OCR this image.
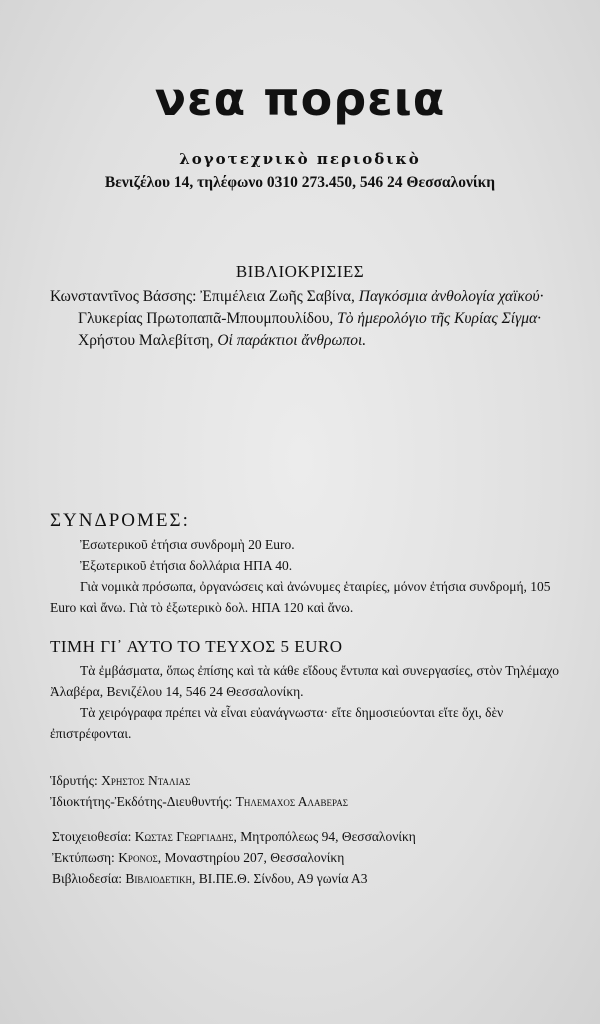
νεα πορεια
λογοτεχνικὸ περιοδικὸ
Βενιζέλου 14, τηλέφωνο 0310 273.450, 546 24 Θεσσαλονίκη
ΒΙΒΛΙΟΚΡΙΣΙΕΣ
Κωνσταντῖνος Βάσσης: Ἐπιμέλεια Ζωῆς Σαβίνα, Παγκόσμια ἀνθολογία χαϊκού· Γλυκερίας Πρωτοπαπᾶ-Μπουμπουλίδου, Τὸ ἡμερολόγιο τῆς Κυρίας Σίγμα· Χρήστου Μαλεβίτση, Οἱ παράκτιοι ἄνθρωποι.
ΣΥΝΔΡΟΜΕΣ:
Ἐσωτερικοῦ ἐτήσια συνδρομὴ 20 Euro.
Ἐξωτερικοῦ ἐτήσια δολλάρια ΗΠΑ 40.
Γιὰ νομικὰ πρόσωπα, ὀργανώσεις καὶ ἀνώνυμες ἑταιρίες, μόνον ἐτήσια συνδρομή, 105 Euro καὶ ἄνω. Γιὰ τὸ ἐξωτερικὸ δολ. ΗΠΑ 120 καὶ ἄνω.
ΤΙΜΗ ΓΙ᾿ ΑΥΤΟ ΤΟ ΤΕΥΧΟΣ 5 EURO
Τὰ ἐμβάσματα, ὅπως ἐπίσης καὶ τὰ κάθε εἴδους ἔντυπα καὶ συνεργασίες, στὸν Τηλέμαχο Ἀλαβέρα, Βενιζέλου 14, 546 24 Θεσσαλονίκη.
Τὰ χειρόγραφα πρέπει νὰ εἶναι εὐανάγνωστα· εἴτε δημοσιεύονται εἴτε ὄχι, δὲν ἐπιστρέφονται.
Ἱδρυτής: Χρηστος Νταλιας
Ἰδιοκτήτης-Ἐκδότης-Διευθυντής: Τηλεμαχος Αλαβερας
Στοιχειοθεσία: Κωστας Γεωργιαδης, Μητροπόλεως 94, Θεσσαλονίκη
Ἐκτύπωση: Κρονος, Μοναστηρίου 207, Θεσσαλονίκη
Βιβλιοδεσία: Βιβλιοδετικη, ΒΙ.ΠΕ.Θ. Σίνδου, Α9 γωνία Α3
